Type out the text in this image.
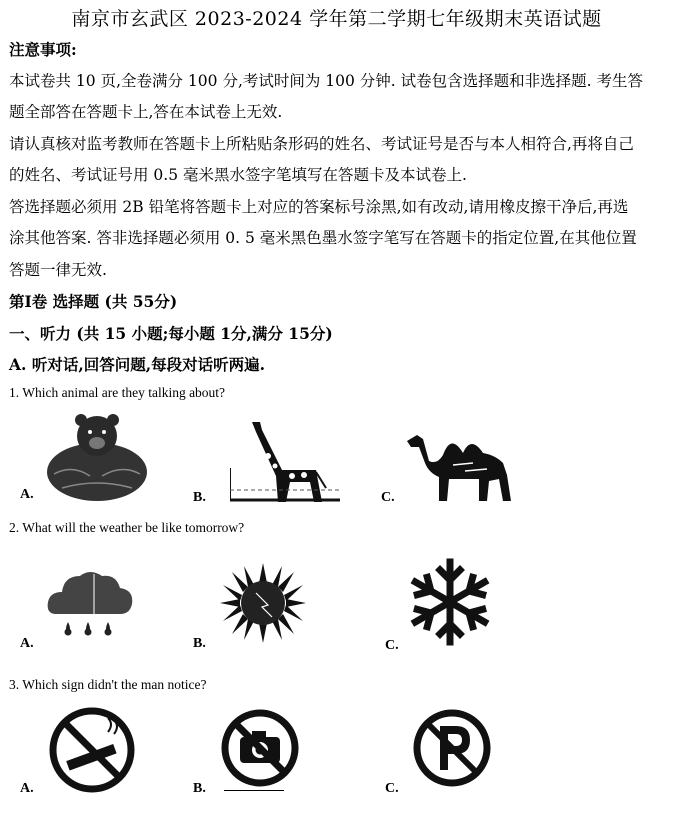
南京市玄武区 2023-2024 学年第二学期七年级期末英语试题
注意事项:
本试卷共 10 页,全卷满分 100 分,考试时间为 100 分钟. 试卷包含选择题和非选择题. 考生答
题全部答在答题卡上,答在本试卷上无效.
请认真核对监考教师在答题卡上所粘贴条形码的姓名、考试证号是否与本人相符合,再将自己
的姓名、考试证号用 0.5 毫米黑水签字笔填写在答题卡及本试卷上.
答选择题必须用 2B 铅笔将答题卡上对应的答案标号涂黑,如有改动,请用橡皮擦干净后,再选
涂其他答案. 答非选择题必须用 0. 5 毫米黑色墨水签字笔写在答题卡的指定位置,在其他位置
答题一律无效.
第Ⅰ卷 选择题 (共 55分)
一、听力 (共 15 小题;每小题 1分,满分 15分)
A. 听对话,回答问题,每段对话听两遍.
1. Which animal are they talking about?
A.	B.	C.
2. What will the weather be like tomorrow?
A.	B.	C.
3. Which sign didn't the man notice?
A.	B.	C.
